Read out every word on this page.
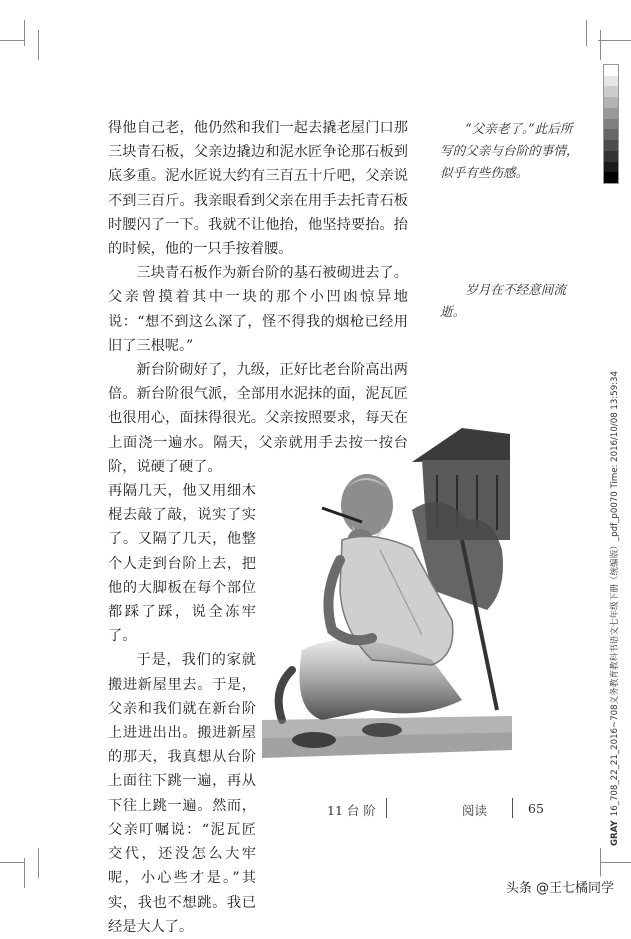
得他自己老，他仍然和我们一起去撬老屋门口那三块青石板，父亲边撬边和泥水匠争论那石板到底多重。泥水匠说大约有三百五十斤吧，父亲说不到三百斤。我亲眼看到父亲在用手去托青石板时腰闪了一下。我就不让他抬，他坚持要抬。抬的时候，他的一只手按着腰。

三块青石板作为新台阶的基石被砌进去了。父亲曾摸着其中一块的那个小凹凼惊异地说：“想不到这么深了，怪不得我的烟枪已经用旧了三根呢。”

新台阶砌好了，九级，正好比老台阶高出两倍。新台阶很气派，全部用水泥抹的面，泥瓦匠也很用心，面抹得很光。父亲按照要求，每天在上面浇一遍水。隔天，父亲就用手去按一按台阶，说硬了硬了。

再隔几天，他又用细木棍去敲了敲，说实了实了。又隔了几天，他整个人走到台阶上去，把他的大脚板在每个部位都踩了踩，说全冻牢了。

于是，我们的家就搬进新屋里去。于是，父亲和我们就在新台阶上进进出出。搬进新屋的那天，我真想从台阶上面往下跳一遍，再从下往上跳一遍。然而，父亲叮嘱说：“泥瓦匠交代，还没怎么大牢呢，小心些才是。”其实，我也不想跳。我已经是大人了。

“父亲老了。”此后所写的父亲与台阶的事情，似乎有些伤感。

岁月在不经意间流逝。

11 台 阶	阅读	65
GRAY16_708_22_21_2016~708义务教育教科书语文七年级下册（统编版）_pdf_p0070 Time: 2016/10/08 13:59:34
头条 @王七橘同学
